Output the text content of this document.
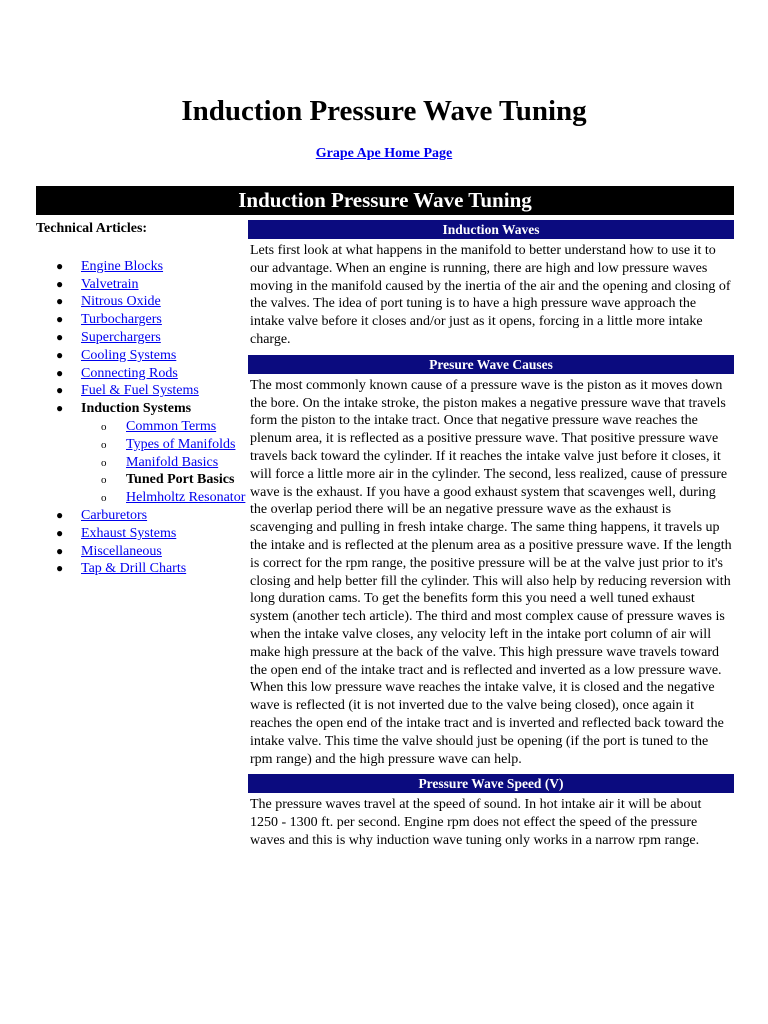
Induction Pressure Wave Tuning
Grape Ape Home Page
Induction Pressure Wave Tuning
Technical Articles:
● Engine Blocks
● Valvetrain
● Nitrous Oxide
● Turbochargers
● Superchargers
● Cooling Systems
● Connecting Rods
● Fuel & Fuel Systems
● Induction Systems
o Common Terms
o Types of Manifolds
o Manifold Basics
o Tuned Port Basics
o Helmholtz Resonator
● Carburetors
● Exhaust Systems
● Miscellaneous
● Tap & Drill Charts
Induction Waves

Lets first look at what happens in the manifold to better understand how to use it to our advantage. When an engine is running, there are high and low pressure waves moving in the manifold caused by the inertia of the air and the opening and closing of the valves. The idea of port tuning is to have a high pressure wave approach the intake valve before it closes and/or just as it opens, forcing in a little more intake charge.

Presure Wave Causes

The most commonly known cause of a pressure wave is the piston as it moves down the bore. On the intake stroke, the piston makes a negative pressure wave that travels form the piston to the intake tract. Once that negative pressure wave reaches the plenum area, it is reflected as a positive pressure wave. That positive pressure wave travels back toward the cylinder. If it reaches the intake valve just before it closes, it will force a little more air in the cylinder. The second, less realized, cause of pressure wave is the exhaust. If you have a good exhaust system that scavenges well, during the overlap period there will be an negative pressure wave as the exhaust is scavenging and pulling in fresh intake charge. The same thing happens, it travels up the intake and is reflected at the plenum area as a positive pressure wave. If the length is correct for the rpm range, the positive pressure will be at the valve just prior to it's closing and help better fill the cylinder. This will also help by reducing reversion with long duration cams. To get the benefits form this you need a well tuned exhaust system (another tech article). The third and most complex cause of pressure waves is when the intake valve closes, any velocity left in the intake port column of air will make high pressure at the back of the valve. This high pressure wave travels toward the open end of the intake tract and is reflected and inverted as a low pressure wave. When this low pressure wave reaches the intake valve, it is closed and the negative wave is reflected (it is not inverted due to the valve being closed), once again it reaches the open end of the intake tract and is inverted and reflected back toward the intake valve. This time the valve should just be opening (if the port is tuned to the rpm range) and the high pressure wave can help.

Pressure Wave Speed (V)

The pressure waves travel at the speed of sound. In hot intake air it will be about 1250 - 1300 ft. per second. Engine rpm does not effect the speed of the pressure waves and this is why induction wave tuning only works in a narrow rpm range.
